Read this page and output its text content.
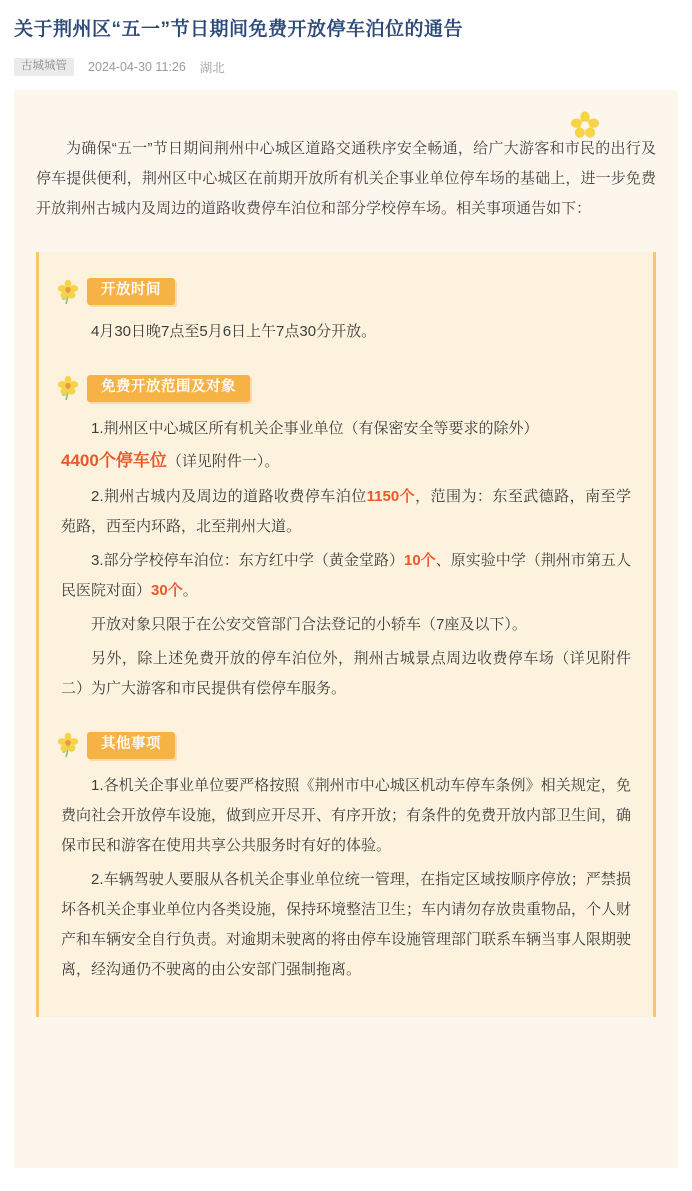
关于荆州区“五一”节日期间免费开放停车泊位的通告
古城城管	2024-04-30 11:26 湖北

为确保“五一”节日期间荆州中心城区道路交通秩序安全畅通，给广大游客和市民的出行及停车提供便利，荆州区中心城区在前期开放所有机关企事业单位停车场的基础上，进一步免费开放荆州古城内及周边的道路收费停车泊位和部分学校停车场。相关事项通告如下：

开放时间

4月30日晚7点至5月6日上午7点30分开放。

免费开放范围及对象

1.荆州区中心城区所有机关企事业单位（有保密安全等要求的除外）
4400个停车位（详见附件一）。

2.荆州古城内及周边的道路收费停车泊位1150个，范围为：东至武德路，南至学苑路，西至内环路，北至荆州大道。

3.部分学校停车泊位：东方红中学（黄金堂路）10个、原实验中学（荆州市第五人民医院对面）30个。

开放对象只限于在公安交管部门合法登记的小轿车（7座及以下）。

另外，除上述免费开放的停车泊位外，荆州古城景点周边收费停车场（详见附件二）为广大游客和市民提供有偿停车服务。

其他事项

1.各机关企事业单位要严格按照《荆州市中心城区机动车停车条例》相关规定，免费向社会开放停车设施，做到应开尽开、有序开放；有条件的免费开放内部卫生间，确保市民和游客在使用共享公共服务时有好的体验。

2.车辆驾驶人要服从各机关企事业单位统一管理，在指定区域按顺序停放；严禁损坏各机关企事业单位内各类设施，保持环境整洁卫生；车内请勿存放贵重物品，个人财产和车辆安全自行负责。对逾期未驶离的将由停车设施管理部门联系车辆当事人限期驶离，经沟通仍不驶离的由公安部门强制拖离。
